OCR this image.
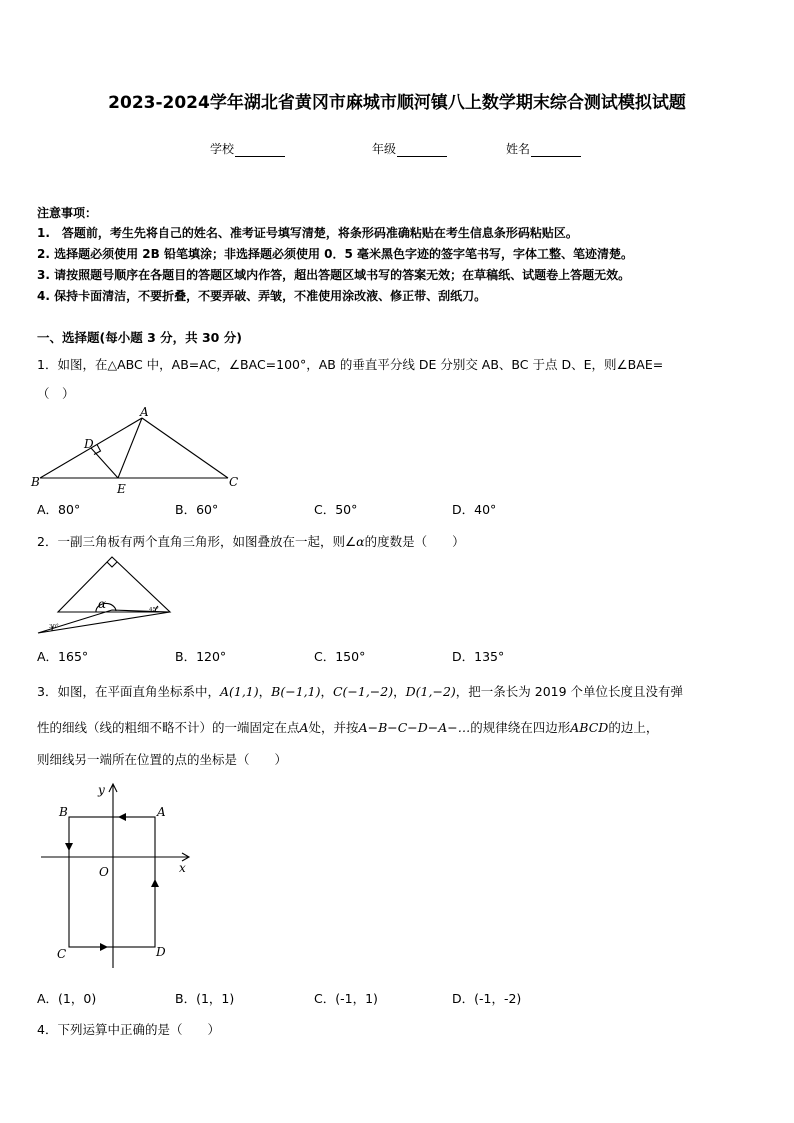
2023-2024学年湖北省黄冈市麻城市顺河镇八上数学期末综合测试模拟试题
学校	年级	姓名
注意事项：
1.　答题前，考生先将自己的姓名、准考证号填写清楚，将条形码准确粘贴在考生信息条形码粘贴区。
2. 选择题必须使用 2B 铅笔填涂；非选择题必须使用 0．5 毫米黑色字迹的签字笔书写，字体工整、笔迹清楚。
3. 请按照题号顺序在各题目的答题区域内作答，超出答题区域书写的答案无效；在草稿纸、试题卷上答题无效。
4. 保持卡面清洁，不要折叠，不要弄破、弄皱，不准使用涂改液、修正带、刮纸刀。
一、选择题(每小题 3 分，共 30 分)
1．如图，在△ABC 中，AB=AC，∠BAC=100°，AB 的垂直平分线 DE 分别交 AB、BC 于点 D、E，则∠BAE=
（　）
A
B	C
D
E
A．80°	B．60°	C．50°	D．40°
2．一副三角板有两个直角三角形，如图叠放在一起，则∠α的度数是（　　）
α	45°
30°
A．165°	B．120°	C．150°	D．135°
3．如图，在平面直角坐标系中，A(1,1)，B(−1,1)，C(−1,−2)，D(1,−2)，把一条长为 2019 个单位长度且没有弹
性的细线（线的粗细不略不计）的一端固定在点A处，并按A−B−C−D−A−…的规律绕在四边形ABCD的边上，
则细线另一端所在位置的点的坐标是（　　）
y
x
O
A
B
C	D
A．(1，0)	B．(1，1)	C．(-1，1)	D．(-1，-2)
4．下列运算中正确的是（　　）
